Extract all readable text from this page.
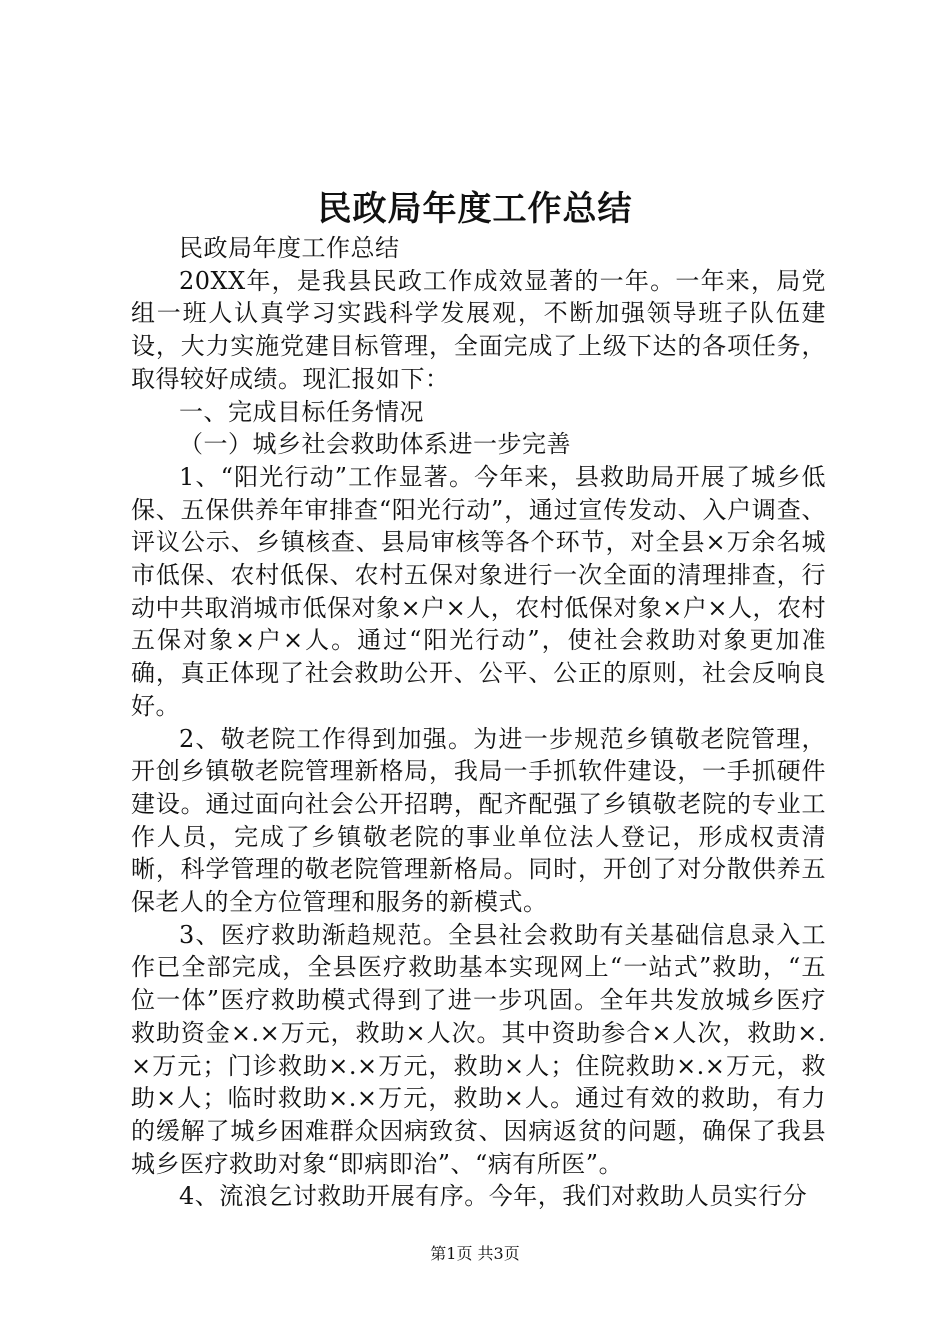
民政局年度工作总结

民政局年度工作总结

20XX年，是我县民政工作成效显著的一年。一年来，局党组一班人认真学习实践科学发展观，不断加强领导班子队伍建设，大力实施党建目标管理，全面完成了上级下达的各项任务，取得较好成绩。现汇报如下：

一、完成目标任务情况

（一）城乡社会救助体系进一步完善

1、“阳光行动”工作显著。今年来，县救助局开展了城乡低保、五保供养年审排查“阳光行动”，通过宣传发动、入户调查、评议公示、乡镇核查、县局审核等各个环节，对全县×万余名城市低保、农村低保、农村五保对象进行一次全面的清理排查，行动中共取消城市低保对象×户×人，农村低保对象×户×人，农村五保对象×户×人。通过“阳光行动”，使社会救助对象更加准确，真正体现了社会救助公开、公平、公正的原则，社会反响良好。

2、敬老院工作得到加强。为进一步规范乡镇敬老院管理，开创乡镇敬老院管理新格局，我局一手抓软件建设，一手抓硬件建设。通过面向社会公开招聘，配齐配强了乡镇敬老院的专业工作人员，完成了乡镇敬老院的事业单位法人登记，形成权责清晰，科学管理的敬老院管理新格局。同时，开创了对分散供养五保老人的全方位管理和服务的新模式。

3、医疗救助渐趋规范。全县社会救助有关基础信息录入工作已全部完成，全县医疗救助基本实现网上“一站式”救助，“五位一体”医疗救助模式得到了进一步巩固。全年共发放城乡医疗救助资金×.×万元，救助×人次。其中资助参合×人次，救助×.×万元；门诊救助×.×万元，救助×人；住院救助×.×万元，救助×人；临时救助×.×万元，救助×人。通过有效的救助，有力的缓解了城乡困难群众因病致贫、因病返贫的问题，确保了我县城乡医疗救助对象“即病即治”、“病有所医”。

4、流浪乞讨救助开展有序。今年，我们对救助人员实行分

第1页 共3页
